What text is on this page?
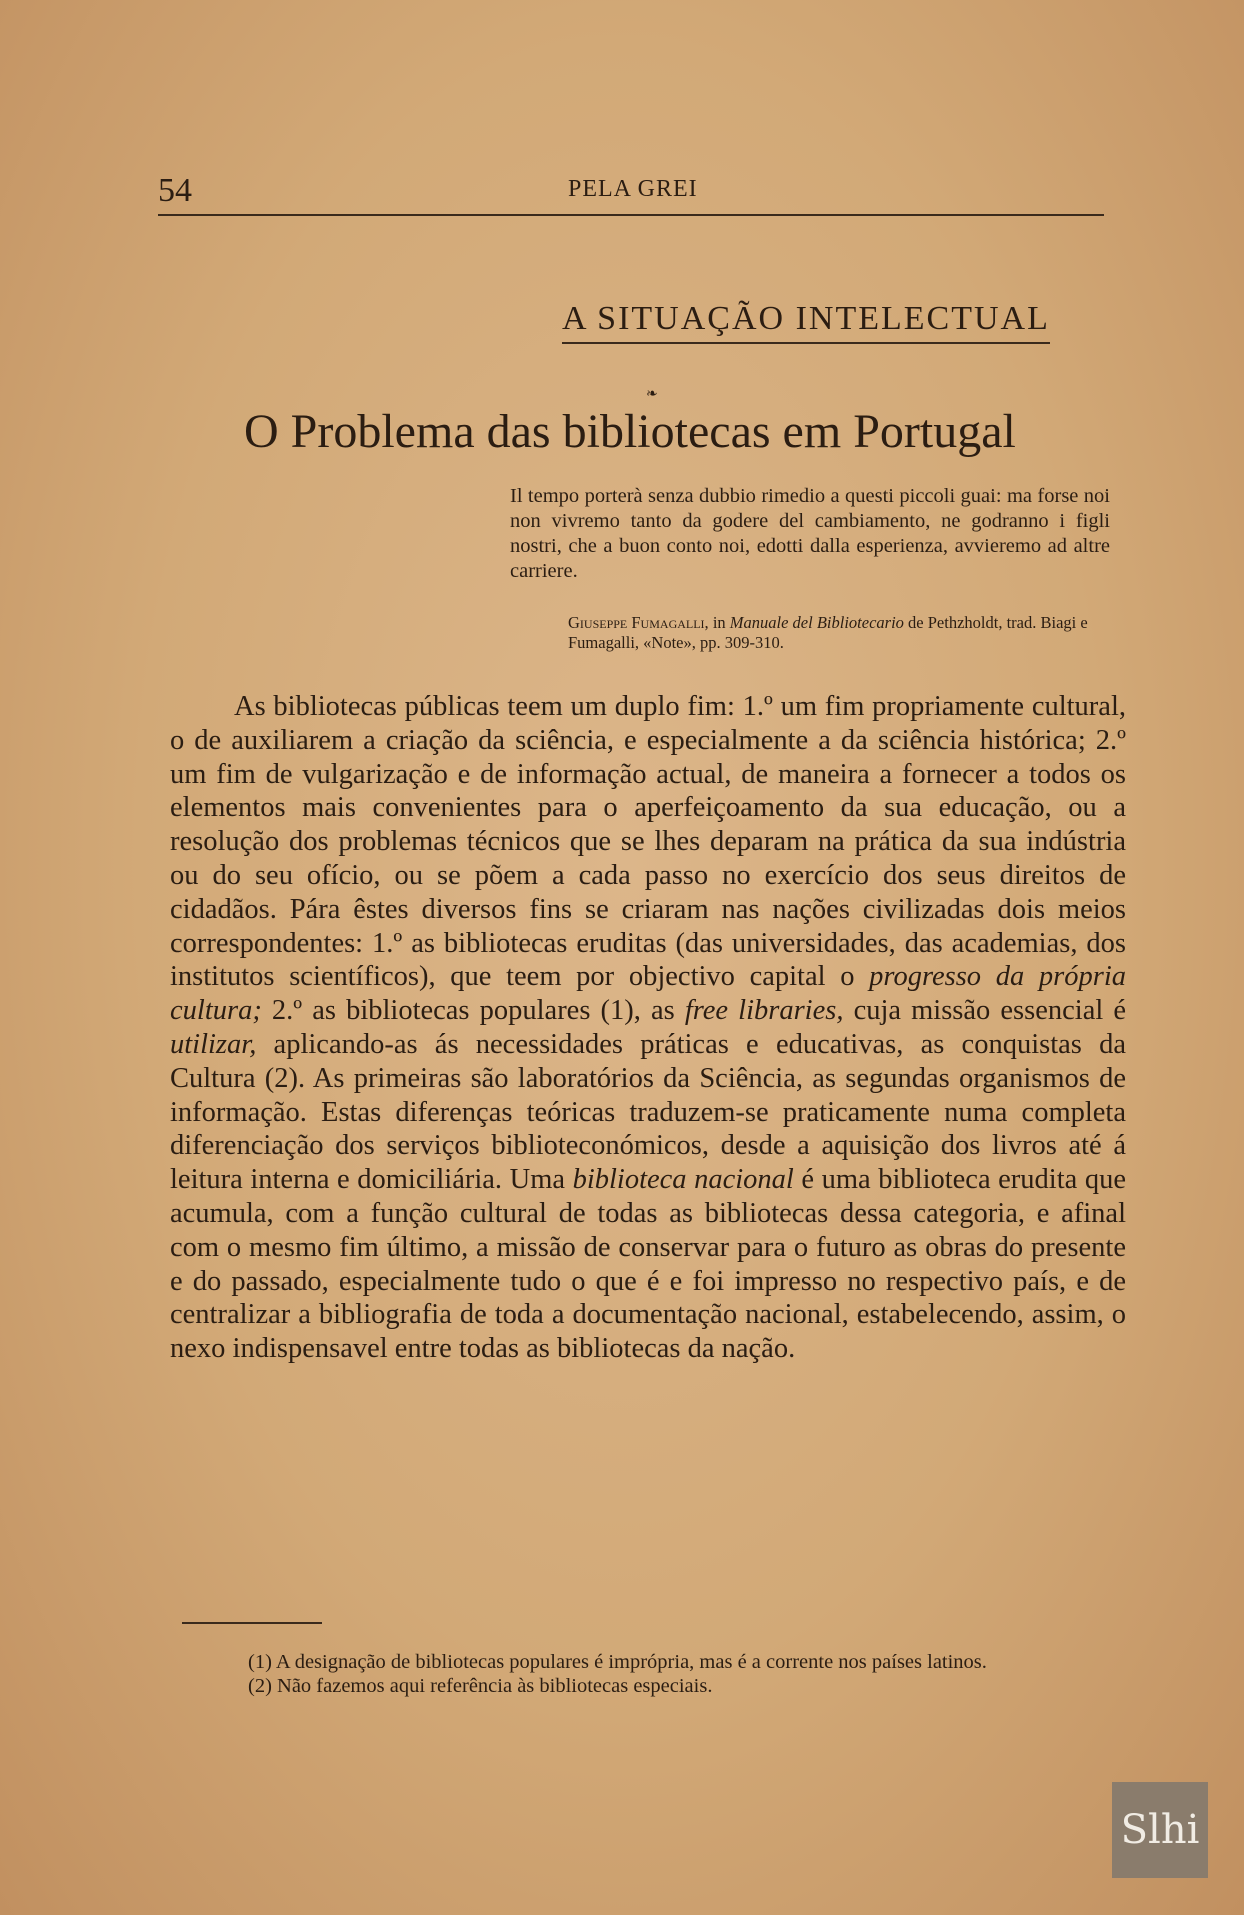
54	PELA GREI
A SITUAÇÃO INTELECTUAL
❧
O Problema das bibliotecas em Portugal
Il tempo porterà senza dubbio rimedio a questi piccoli guai: ma forse noi non vivremo tanto da godere del cambiamento, ne godranno i figli nostri, che a buon conto noi, edotti dalla esperienza, avvieremo ad altre carriere.
Giuseppe Fumagalli, in Manuale del Bibliotecario de Pethzholdt, trad. Biagi e Fumagalli, «Note», pp. 309-310.

As bibliotecas públicas teem um duplo fim: 1.º um fim propriamente cultural, o de auxiliarem a criação da sciência, e especialmente a da sciência histórica; 2.º um fim de vulgarização e de informação actual, de maneira a fornecer a todos os elementos mais convenientes para o aperfeiçoamento da sua educação, ou a resolução dos problemas técnicos que se lhes deparam na prática da sua indústria ou do seu ofício, ou se põem a cada passo no exercício dos seus direitos de cidadãos. Pára êstes diversos fins se criaram nas nações civilizadas dois meios correspondentes: 1.º as bibliotecas eruditas (das universidades, das academias, dos institutos scientíficos), que teem por objectivo capital o progresso da própria cultura; 2.º as bibliotecas populares (1), as free libraries, cuja missão essencial é utilizar, aplicando-as ás necessidades práticas e educativas, as conquistas da Cultura (2). As primeiras são laboratórios da Sciência, as segundas organismos de informação. Estas diferenças teóricas traduzem-se praticamente numa completa diferenciação dos serviços biblioteconómicos, desde a aquisição dos livros até á leitura interna e domiciliária. Uma biblioteca nacional é uma biblioteca erudita que acumula, com a função cultural de todas as bibliotecas dessa categoria, e afinal com o mesmo fim último, a missão de conservar para o futuro as obras do presente e do passado, especialmente tudo o que é e foi impresso no respectivo país, e de centralizar a bibliografia de toda a documentação nacional, estabelecendo, assim, o nexo indispensavel entre todas as bibliotecas da nação.

(1) A designação de bibliotecas populares é imprópria, mas é a corrente nos países latinos.

(2) Não fazemos aqui referência às bibliotecas especiais.

Slhi
